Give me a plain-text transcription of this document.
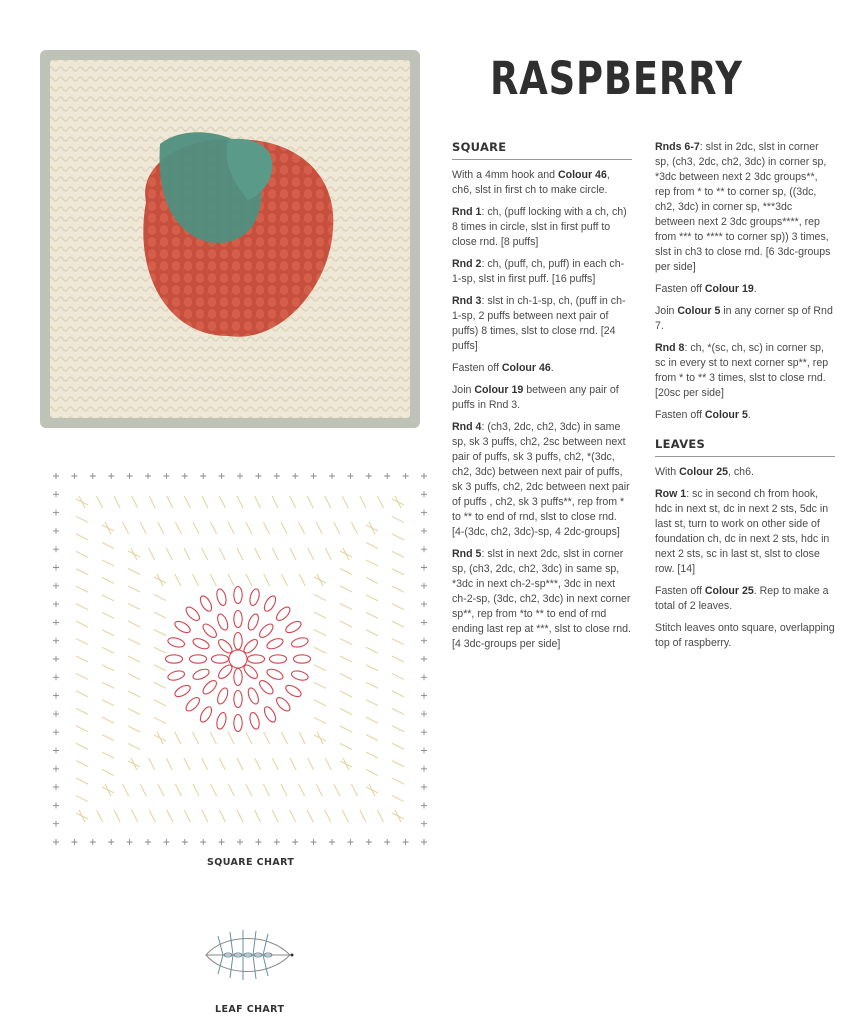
RASPBERRY
SQUARE

With a 4mm hook and Colour 46, ch6, slst in first ch to make circle.

Rnd 1: ch, (puff locking with a ch, ch) 8 times in circle, slst in first puff to close rnd. [8 puffs]

Rnd 2: ch, (puff, ch, puff) in each ch-1-sp, slst in first puff. [16 puffs]

Rnd 3: slst in ch-1-sp, ch, (puff in ch-1-sp, 2 puffs between next pair of puffs) 8 times, slst to close rnd. [24 puffs]

Fasten off Colour 46.

Join Colour 19 between any pair of puffs in Rnd 3.

Rnd 4: (ch3, 2dc, ch2, 3dc) in same sp, sk 3 puffs, ch2, 2sc between next pair of puffs, sk 3 puffs, ch2, *(3dc, ch2, 3dc) between next pair of puffs, sk 3 puffs, ch2, 2dc between next pair of puffs , ch2, sk 3 puffs**, rep from * to ** to end of rnd, slst to close rnd. [4-(3dc, ch2, 3dc)-sp, 4 2dc-groups]

Rnd 5: slst in next 2dc, slst in corner sp, (ch3, 2dc, ch2, 3dc) in same sp, *3dc in next ch-2-sp***, 3dc in next ch-2-sp, (3dc, ch2, 3dc) in next corner sp**, rep from *to ** to end of rnd ending last rep at ***, slst to close rnd. [4 3dc-groups per side]

Rnds 6-7: slst in 2dc, slst in corner sp, (ch3, 2dc, ch2, 3dc) in corner sp, *3dc between next 2 3dc groups**, rep from * to ** to corner sp, ((3dc, ch2, 3dc) in corner sp, ***3dc between next 2 3dc groups****, rep from *** to **** to corner sp)) 3 times, slst in ch3 to close rnd. [6 3dc-groups per side]

Fasten off Colour 19.

Join Colour 5 in any corner sp of Rnd 7.

Rnd 8: ch, *(sc, ch, sc) in corner sp, sc in every st to next corner sp**, rep from * to ** 3 times, slst to close rnd. [20sc per side]

Fasten off Colour 5.

LEAVES

With Colour 25, ch6.

Row 1: sc in second ch from hook, hdc in next st, dc in next 2 sts, 5dc in last st, turn to work on other side of foundation ch, dc in next 2 sts, hdc in next 2 sts, sc in last st, slst to close row. [14]

Fasten off Colour 25. Rep to make a total of 2 leaves.

Stitch leaves onto square, overlapping top of raspberry.

SQUARE CHART
LEAF CHART
